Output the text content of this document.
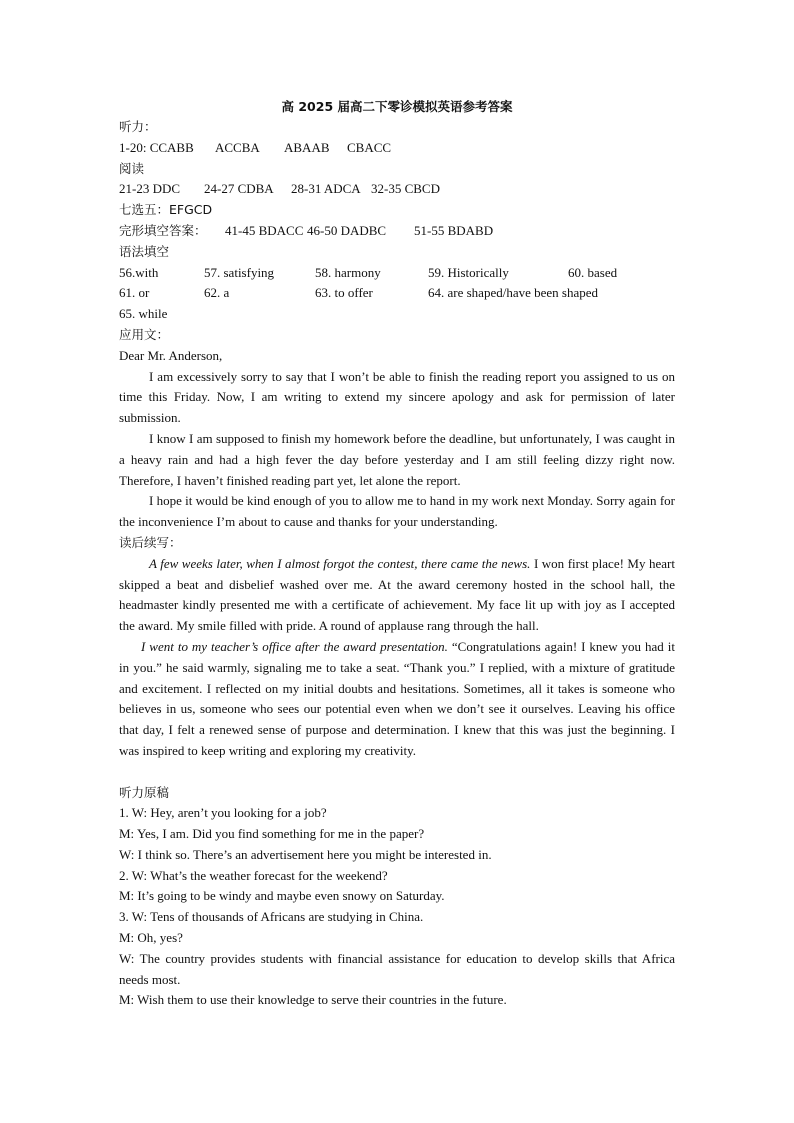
高 2025 届高二下零诊模拟英语参考答案
听力：
1-20: CCABB ACCBA ABAAB CBACC
阅读
21-23 DDC 24-27 CDBA 28-31 ADCA 32-35 CBCD
七选五：EFGCD
完形填空答案： 41-45 BDACC 46-50 DADBC 51-55 BDABD
语法填空
56.with	57. satisfying	58. harmony	59. Historically	60. based
61. or	62. a	63. to offer	64. are shaped/have been shaped
65. while
应用文：
Dear Mr. Anderson,

I am excessively sorry to say that I won’t be able to finish the reading report you assigned to us on time this Friday. Now, I am writing to extend my sincere apology and ask for permission of later submission.

I know I am supposed to finish my homework before the deadline, but unfortunately, I was caught in a heavy rain and had a high fever the day before yesterday and I am still feeling dizzy right now. Therefore, I haven’t finished reading part yet, let alone the report.

I hope it would be kind enough of you to allow me to hand in my work next Monday. Sorry again for the inconvenience I’m about to cause and thanks for your understanding.

读后续写：

A few weeks later, when I almost forgot the contest, there came the news. I won first place! My heart skipped a beat and disbelief washed over me. At the award ceremony hosted in the school hall, the headmaster kindly presented me with a certificate of achievement. My face lit up with joy as I accepted the award. My smile filled with pride. A round of applause rang through the hall.

I went to my teacher’s office after the award presentation. “Congratulations again! I knew you had it in you.” he said warmly, signaling me to take a seat. “Thank you.” I replied, with a mixture of gratitude and excitement. I reflected on my initial doubts and hesitations. Sometimes, all it takes is someone who believes in us, someone who sees our potential even when we don’t see it ourselves. Leaving his office that day, I felt a renewed sense of purpose and determination. I knew that this was just the beginning. I was inspired to keep writing and exploring my creativity.

听力原稿
1. W: Hey, aren’t you looking for a job?
M: Yes, I am. Did you find something for me in the paper?
W: I think so. There’s an advertisement here you might be interested in.
2. W: What’s the weather forecast for the weekend?
M: It’s going to be windy and maybe even snowy on Saturday.
3. W: Tens of thousands of Africans are studying in China.
M: Oh, yes?
W: The country provides students with financial assistance for education to develop skills that Africa needs most.
M: Wish them to use their knowledge to serve their countries in the future.
